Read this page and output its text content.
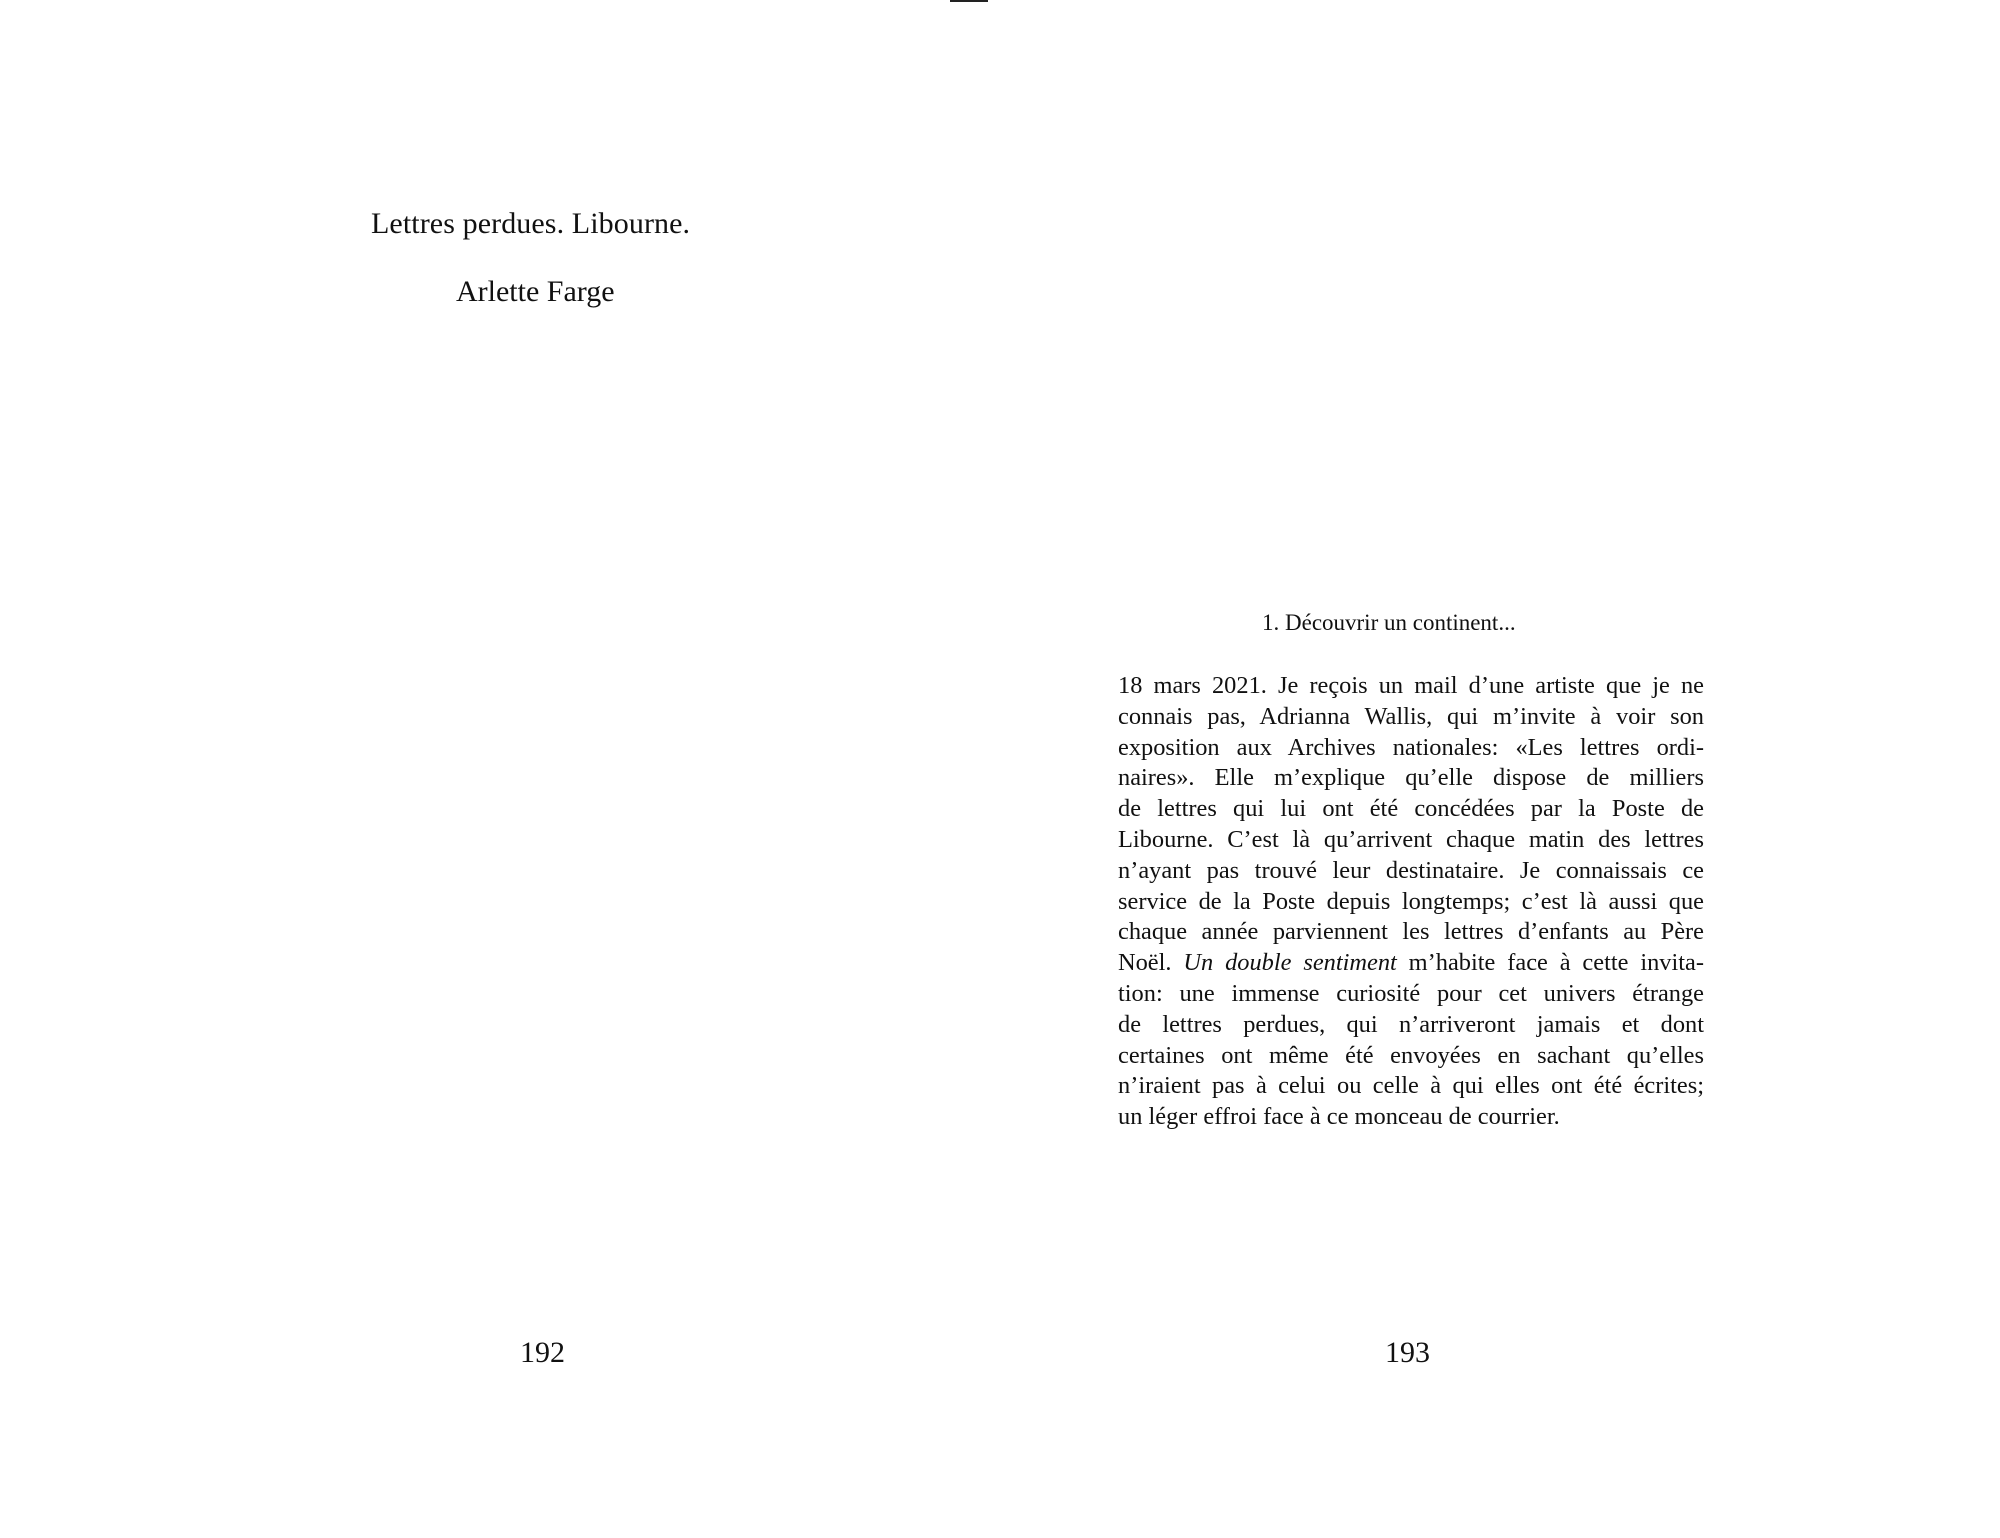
Lettres perdues. Libourne.
Arlette Farge
192
1. Découvrir un continent...
18 mars 2021. Je reçois un mail d’une artiste que je ne
connais pas, Adrianna Wallis, qui m’invite à voir son
exposition aux Archives nationales: «Les lettres ordi-
naires». Elle m’explique qu’elle dispose de milliers
de lettres qui lui ont été concédées par la Poste de
Libourne. C’est là qu’arrivent chaque matin des lettres
n’ayant pas trouvé leur destinataire. Je connaissais ce
service de la Poste depuis longtemps; c’est là aussi que
chaque année parviennent les lettres d’enfants au Père
Noël. Un double sentiment m’habite face à cette invita-
tion: une immense curiosité pour cet univers étrange
de lettres perdues, qui n’arriveront jamais et dont
certaines ont même été envoyées en sachant qu’elles
n’iraient pas à celui ou celle à qui elles ont été écrites;
un léger effroi face à ce monceau de courrier.
193
